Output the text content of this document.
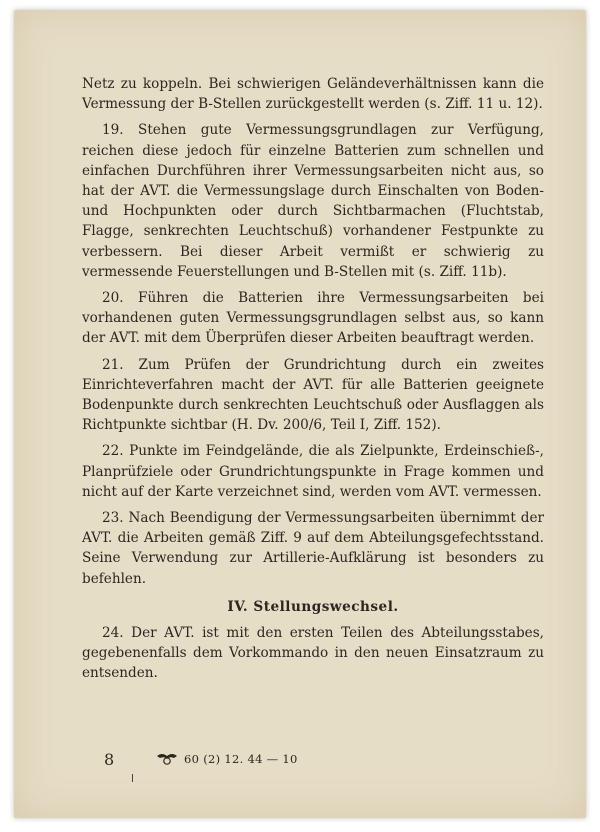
Netz zu koppeln. Bei schwierigen Geländeverhältnissen kann die Vermessung der B-Stellen zurückgestellt werden (s. Ziff. 11 u. 12).

19. Stehen gute Vermessungsgrundlagen zur Verfügung, reichen diese jedoch für einzelne Batterien zum schnellen und einfachen Durchführen ihrer Vermessungsarbeiten nicht aus, so hat der AVT. die Vermessungslage durch Einschalten von Boden- und Hochpunkten oder durch Sichtbarmachen (Fluchtstab, Flagge, senkrechten Leuchtschuß) vorhandener Festpunkte zu verbessern. Bei dieser Arbeit vermißt er schwierig zu vermessende Feuerstellungen und B-Stellen mit (s. Ziff. 11b).

20. Führen die Batterien ihre Vermessungsarbeiten bei vorhandenen guten Vermessungsgrundlagen selbst aus, so kann der AVT. mit dem Überprüfen dieser Arbeiten beauftragt werden.

21. Zum Prüfen der Grundrichtung durch ein zweites Einrichteverfahren macht der AVT. für alle Batterien geeignete Bodenpunkte durch senkrechten Leuchtschuß oder Ausflaggen als Richtpunkte sichtbar (H. Dv. 200/6, Teil I, Ziff. 152).

22. Punkte im Feindgelände, die als Zielpunkte, Erdeinschieß-, Planprüfziele oder Grundrichtungspunkte in Frage kommen und nicht auf der Karte verzeichnet sind, werden vom AVT. vermessen.

23. Nach Beendigung der Vermessungsarbeiten übernimmt der AVT. die Arbeiten gemäß Ziff. 9 auf dem Abteilungsgefechtsstand. Seine Verwendung zur Artillerie-Aufklärung ist besonders zu befehlen.

IV. Stellungswechsel.

24. Der AVT. ist mit den ersten Teilen des Abteilungsstabes, gegebenenfalls dem Vorkommando in den neuen Einsatzraum zu entsenden.

8	60 (2) 12. 44 — 10
